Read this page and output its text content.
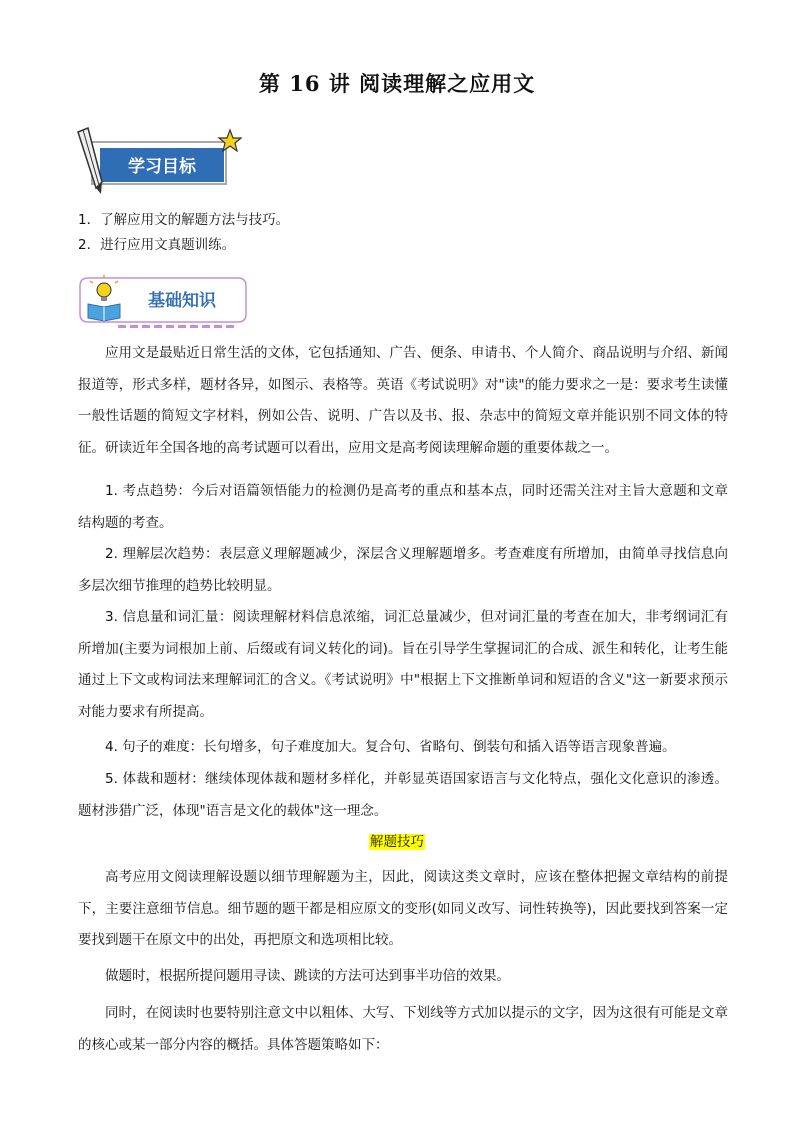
第 16 讲 阅读理解之应用文
学习目标
1．了解应用文的解题方法与技巧。
2．进行应用文真题训练。
基础知识
应用文是最贴近日常生活的文体，它包括通知、广告、便条、申请书、个人简介、商品说明与介绍、新闻报道等，形式多样，题材各异，如图示、表格等。英语《考试说明》对"读"的能力要求之一是：要求考生读懂一般性话题的简短文字材料，例如公告、说明、广告以及书、报、杂志中的简短文章并能识别不同文体的特征。研读近年全国各地的高考试题可以看出，应用文是高考阅读理解命题的重要体裁之一。
1. 考点趋势：今后对语篇领悟能力的检测仍是高考的重点和基本点，同时还需关注对主旨大意题和文章结构题的考查。
2. 理解层次趋势：表层意义理解题减少，深层含义理解题增多。考查难度有所增加，由简单寻找信息向多层次细节推理的趋势比较明显。
3. 信息量和词汇量：阅读理解材料信息浓缩，词汇总量减少，但对词汇量的考查在加大，非考纲词汇有所增加(主要为词根加上前、后缀或有词义转化的词)。旨在引导学生掌握词汇的合成、派生和转化，让考生能通过上下文或构词法来理解词汇的含义。《考试说明》中"根据上下文推断单词和短语的含义"这一新要求预示对能力要求有所提高。
4. 句子的难度：长句增多，句子难度加大。复合句、省略句、倒装句和插入语等语言现象普遍。
5. 体裁和题材：继续体现体裁和题材多样化，并彰显英语国家语言与文化特点，强化文化意识的渗透。题材涉猎广泛，体现"语言是文化的载体"这一理念。
解题技巧
高考应用文阅读理解设题以细节理解题为主，因此，阅读这类文章时，应该在整体把握文章结构的前提下，主要注意细节信息。细节题的题干都是相应原文的变形(如同义改写、词性转换等)，因此要找到答案一定要找到题干在原文中的出处，再把原文和选项相比较。
做题时，根据所提问题用寻读、跳读的方法可达到事半功倍的效果。
同时，在阅读时也要特别注意文中以粗体、大写、下划线等方式加以提示的文字，因为这很有可能是文章的核心或某一部分内容的概括。具体答题策略如下：
